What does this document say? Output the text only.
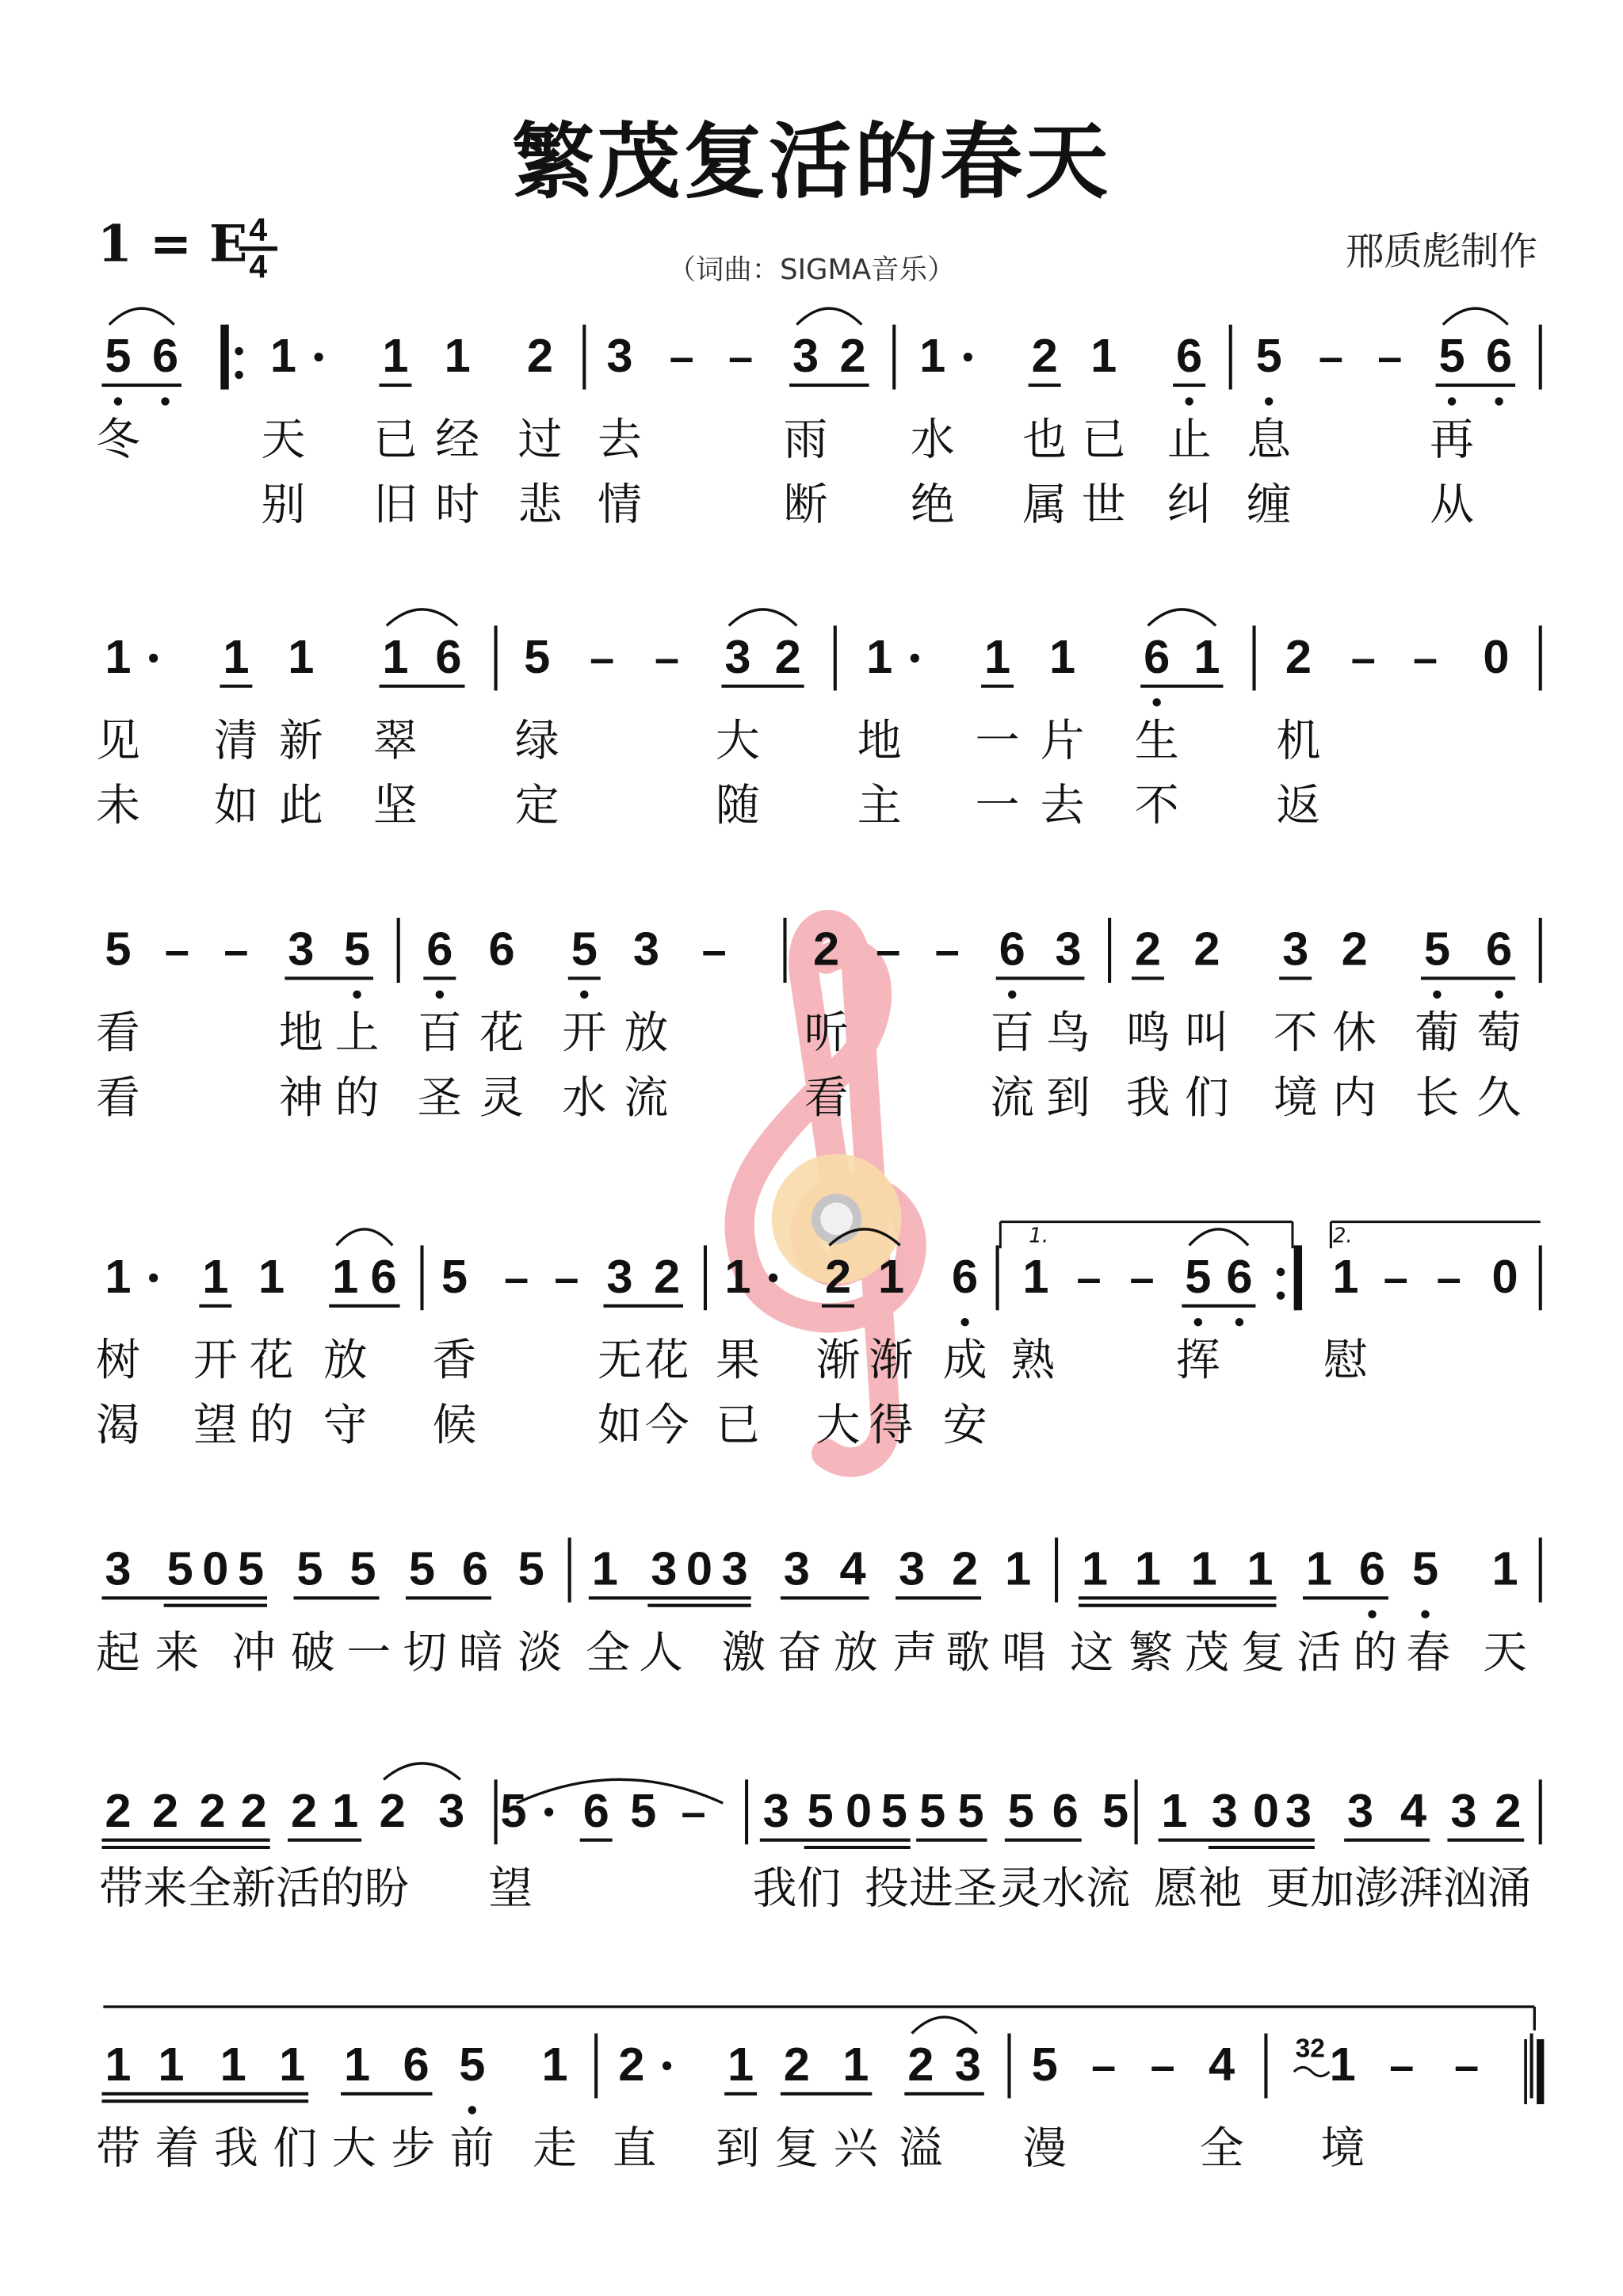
繁茂复活的春天
1 = E 4
4	（词曲：SIGMA音乐）	邢质彪制作
5 6	1	1 1 2 3 – – 3 2 1	2 1 6 5 – – 5 6
冬	天	已 经 过 去	雨	水	也 已 止 息	再
别	旧 时 悲 情	断	绝	属 世 纠 缠	从
1	1 1	1 6 5 – – 3 2	1	1 1	6 1	2 – – 0
见	清 新 翠	绿	大	地	一 片 生	机
未	如 此 坚	定	随	主	一 去 不	返
5 – – 3 5 6 6 5 3 –	2 – – 6 3 2 2 3 2 5 6
看	地 上 百 花 开 放	听	百 鸟 鸣 叫 不 休 葡 萄
看	神 的 圣 灵 水 流	看	流 到 我 们 境 内 长 久
1	1 1 1 6 5 – – 3 2 1	2 1 6 1 – – 5 6	1 – – 0
树 开 花 放	香	无 花 果 渐 渐 成 熟	挥	慰
渴 望 的 守	候	如 今 已 大 得 安
3 5 0 5 5 5 5 6 5 1 3 0 3 3 4 3 2 1 1 1 1 1 1 6 5 1
起 来 冲 破 一 切 暗 淡 全 人 激 奋 放 声 歌 唱 这 繁 茂 复 活 的 春 天
2 2 2 2 2 1 2 3 5 6 5 – 3 5 0 5 5 5 5 6 5 1 3 0 3 3 4 3 2
带来全新活的盼	望	我们 投进圣灵水流 愿祂 更加澎湃汹涌
1 1 1 1 1 6 5 1 2	1 2 1 2 3 5 – – 4	1 – –
带 着 我 们 大 步 前 走 直 到 复 兴 溢	漫	全	境
1.	2.
32
